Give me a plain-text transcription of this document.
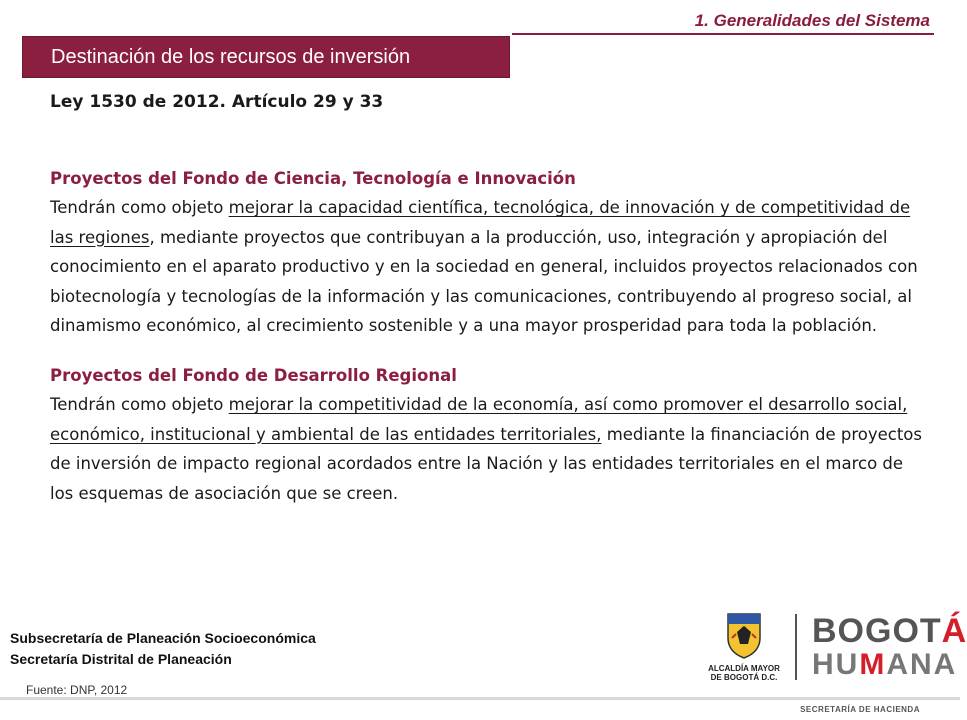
1. Generalidades del Sistema
Destinación de los recursos de inversión
Ley 1530 de 2012. Artículo 29 y 33
Proyectos del Fondo de Ciencia, Tecnología e Innovación

Tendrán como objeto mejorar la capacidad científica, tecnológica, de innovación y de competitividad de las regiones, mediante proyectos que contribuyan a la producción, uso, integración y apropiación del conocimiento en el aparato productivo y en la sociedad en general, incluidos proyectos relacionados con biotecnología y tecnologías de la información y las comunicaciones, contribuyendo al progreso social, al dinamismo económico, al crecimiento sostenible y a una mayor prosperidad para toda la población.

Proyectos del Fondo de Desarrollo Regional

Tendrán como objeto mejorar la competitividad de la economía, así como promover el desarrollo social, económico, institucional y ambiental de las entidades territoriales, mediante la financiación de proyectos de inversión de impacto regional acordados entre la Nación y las entidades territoriales en el marco de los esquemas de asociación que se creen.

Subsecretaría de Planeación Socioeconómica
Secretaría Distrital de Planeación
Fuente: DNP, 2012
ALCALDÍA MAYOR
DE BOGOTÁ D.C.
BOGOTÁ
HUMANA
SECRETARÍA DE HACIENDA
